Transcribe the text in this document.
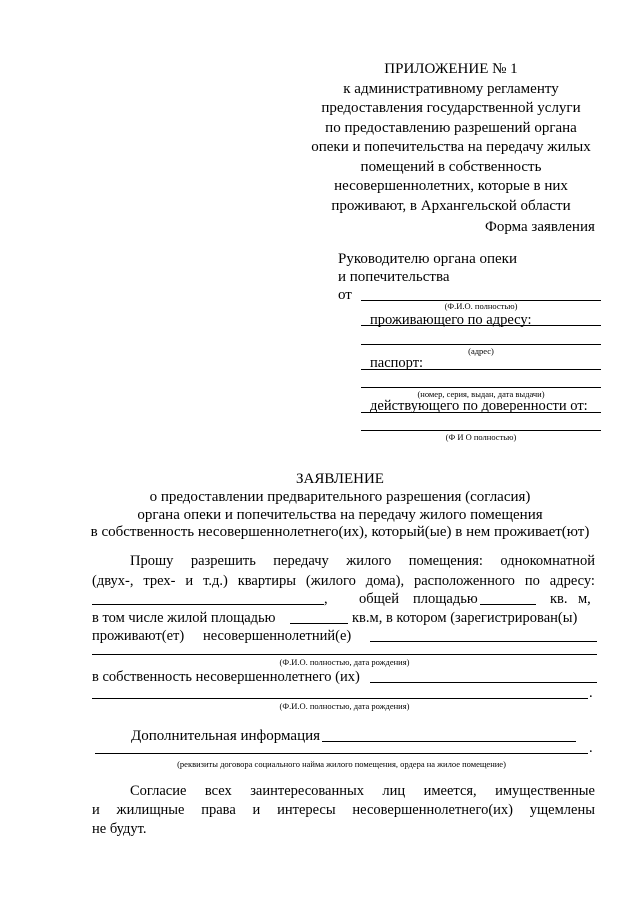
ПРИЛОЖЕНИЕ № 1
к административному регламенту
предоставления государственной услуги
по предоставлению разрешений органа
опеки и попечительства на передачу жилых
помещений в собственность
несовершеннолетних, которые в них
проживают, в Архангельской области
Форма заявления
Руководителю органа опеки
и попечительства
от
(Ф.И.О. полностью)
проживающего по адресу:
(адрес)
паспорт:
(номер, серия, выдан, дата выдачи)
действующего по доверенности от:
(Ф И О полностью)
ЗАЯВЛЕНИЕ
о предоставлении предварительного разрешения (согласия)
органа опеки и попечительства на передачу жилого помещения
в собственность несовершеннолетнего(их), который(ые) в нем проживает(ют)
Прошу разрешить передачу жилого помещения: однокомнатной
(двух-, трех- и т.д.) квартиры (жилого дома), расположенного по адресу:
, общей площадью	кв. м,
в том числе жилой площадью	кв.м, в котором (зарегистрирован(ы)
проживают(ет) несовершеннолетний(е)
(Ф.И.О. полностью, дата рождения)
в собственность несовершеннолетнего (их)
.
(Ф.И.О. полностью, дата рождения)
Дополнительная информация
.
(реквизиты договора социального найма жилого помещения, ордера на жилое помещение)
Согласие всех заинтересованных лиц имеется, имущественные
и жилищные права и интересы несовершеннолетнего(их) ущемлены
не будут.
